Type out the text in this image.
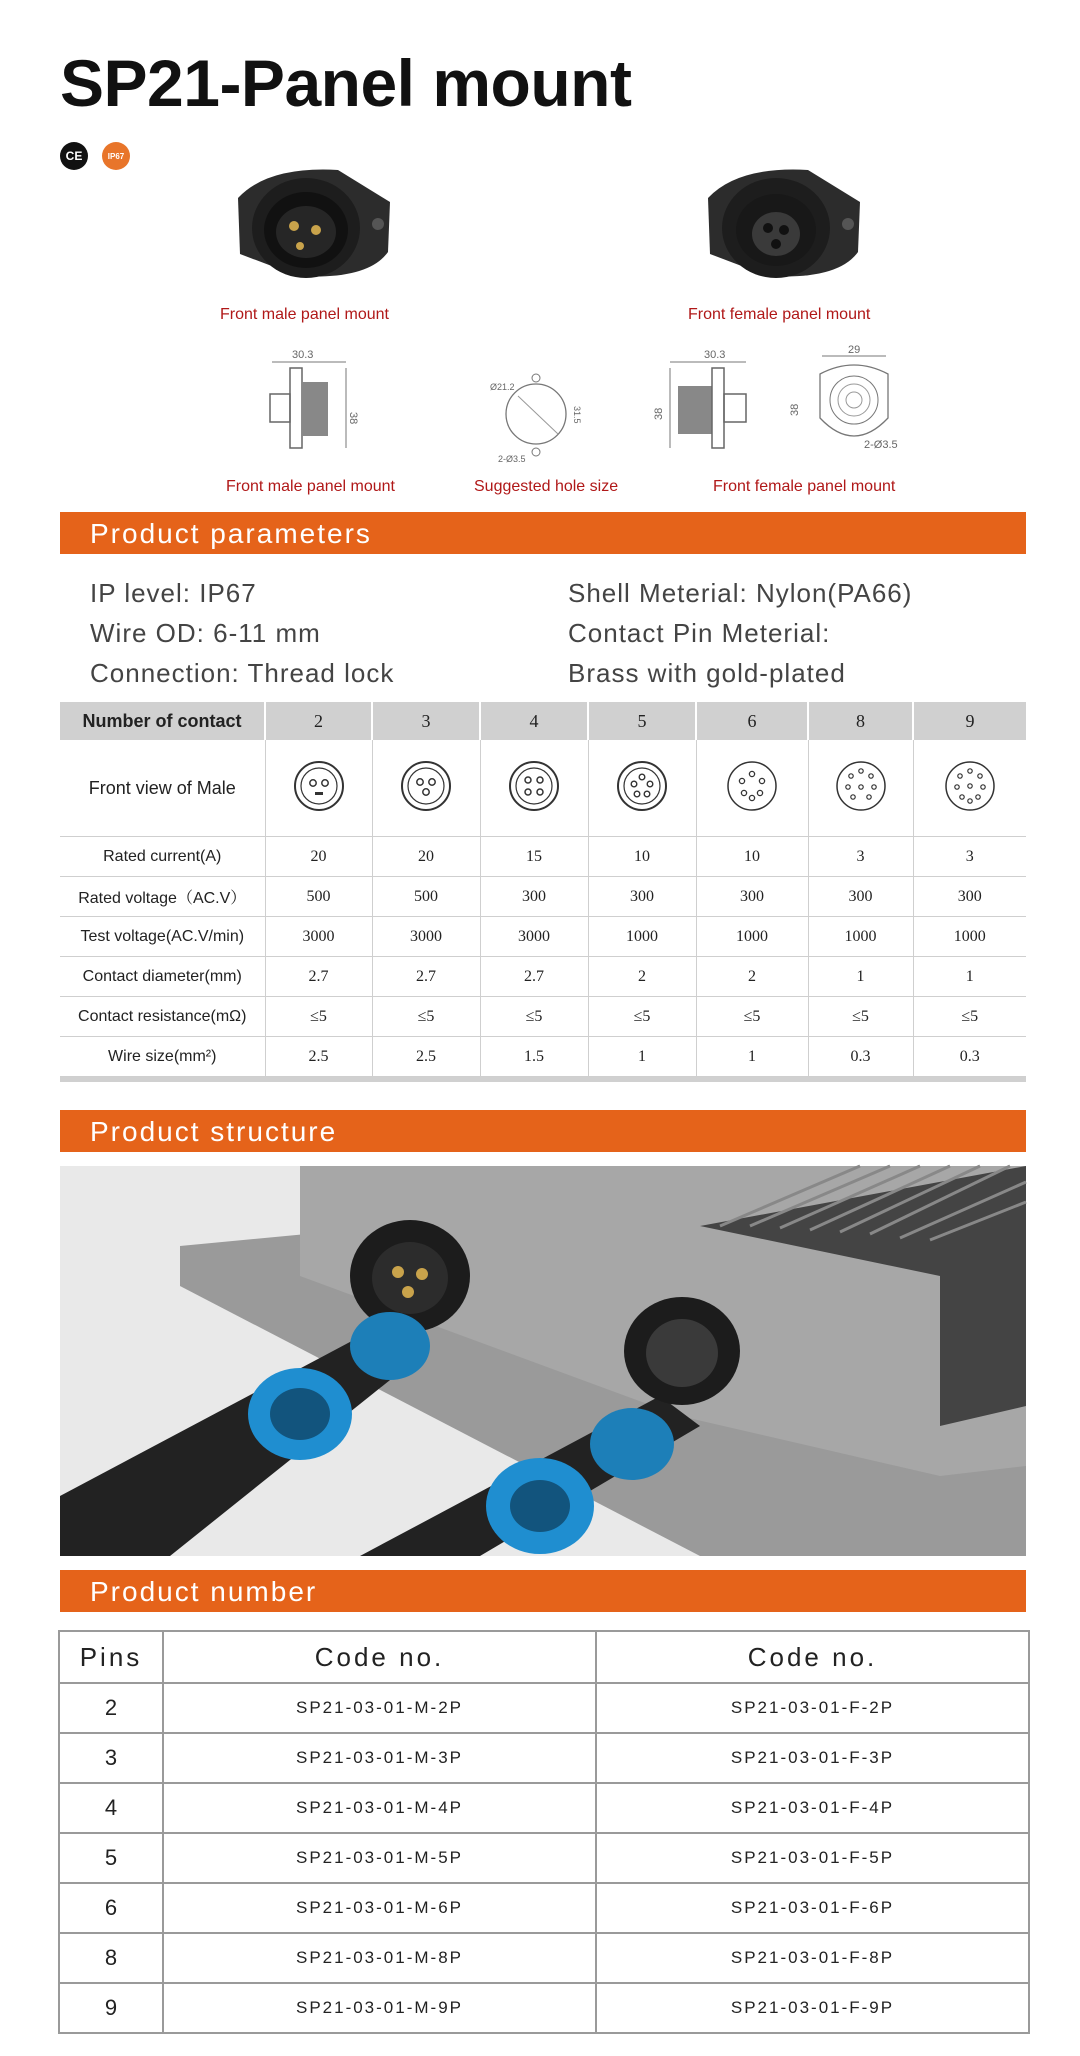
SP21-Panel mount
CE	IP67
Front male panel mount	Front female panel mount
30.3
38
Ø21.2
31.5
2-Ø3.5
30.3
38
29
38
2-Ø3.5
Front male panel mount	Suggested hole size	Front female panel mount
Product parameters
IP level: IP67
Wire OD: 6-11 mm
Connection: Thread lock
Shell Meterial: Nylon(PA66)
Contact Pin Meterial:
Brass with gold-plated
Number of contact	2	3	4	5	6	8	9
Front view of Male							
Rated current(A)	20	20	15	10	10	3	3
Rated voltage（AC.V）	500	500	300	300	300	300	300
Test voltage(AC.V/min)	3000	3000	3000	1000	1000	1000	1000
Contact diameter(mm)	2.7	2.7	2.7	2	2	1	1
Contact resistance(mΩ)	≤5	≤5	≤5	≤5	≤5	≤5	≤5
Wire size(mm²)	2.5	2.5	1.5	1	1	0.3	0.3
Product structure
Product number
Pins	Code no.	Code no.
2	SP21-03-01-M-2P	SP21-03-01-F-2P
3	SP21-03-01-M-3P	SP21-03-01-F-3P
4	SP21-03-01-M-4P	SP21-03-01-F-4P
5	SP21-03-01-M-5P	SP21-03-01-F-5P
6	SP21-03-01-M-6P	SP21-03-01-F-6P
8	SP21-03-01-M-8P	SP21-03-01-F-8P
9	SP21-03-01-M-9P	SP21-03-01-F-9P
